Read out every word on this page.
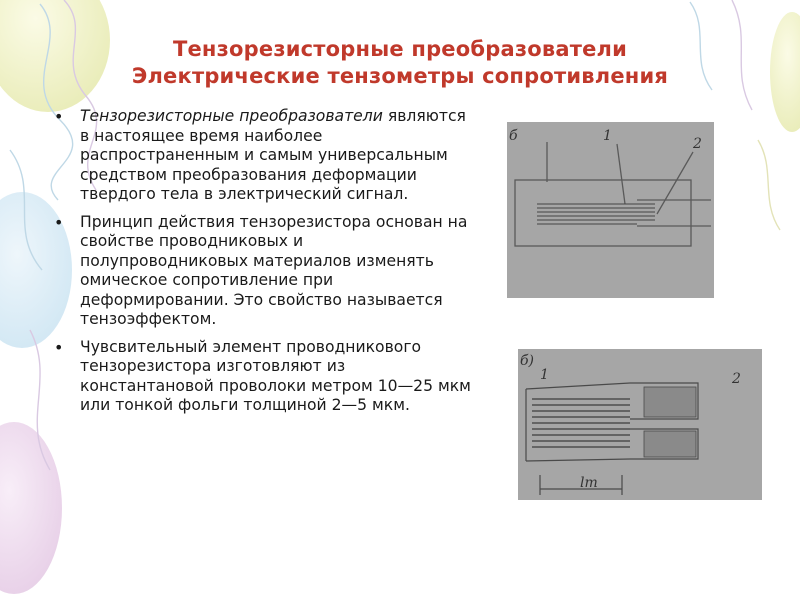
Тензорезисторные преобразователи
Электрические тензометры сопротивления
• Тензорезисторные преобразователи являются в настоящее время наиболее распространенным и самым универсальным средством преобразования деформации твердого тела в электрический сигнал.
• Принцип действия тензорезистора основан на свойстве проводниковых и полупроводниковых материалов изменять омическое сопротивление при деформировании. Это свойство называется тензоэффектом.
• Чувсвительный элемент проводникового тензорезистора изготовляют из константановой проволоки метром 10—25 мкм или тонкой фольги толщиной 2—5 мкм.
б	1	2
б)
1	2
lт
